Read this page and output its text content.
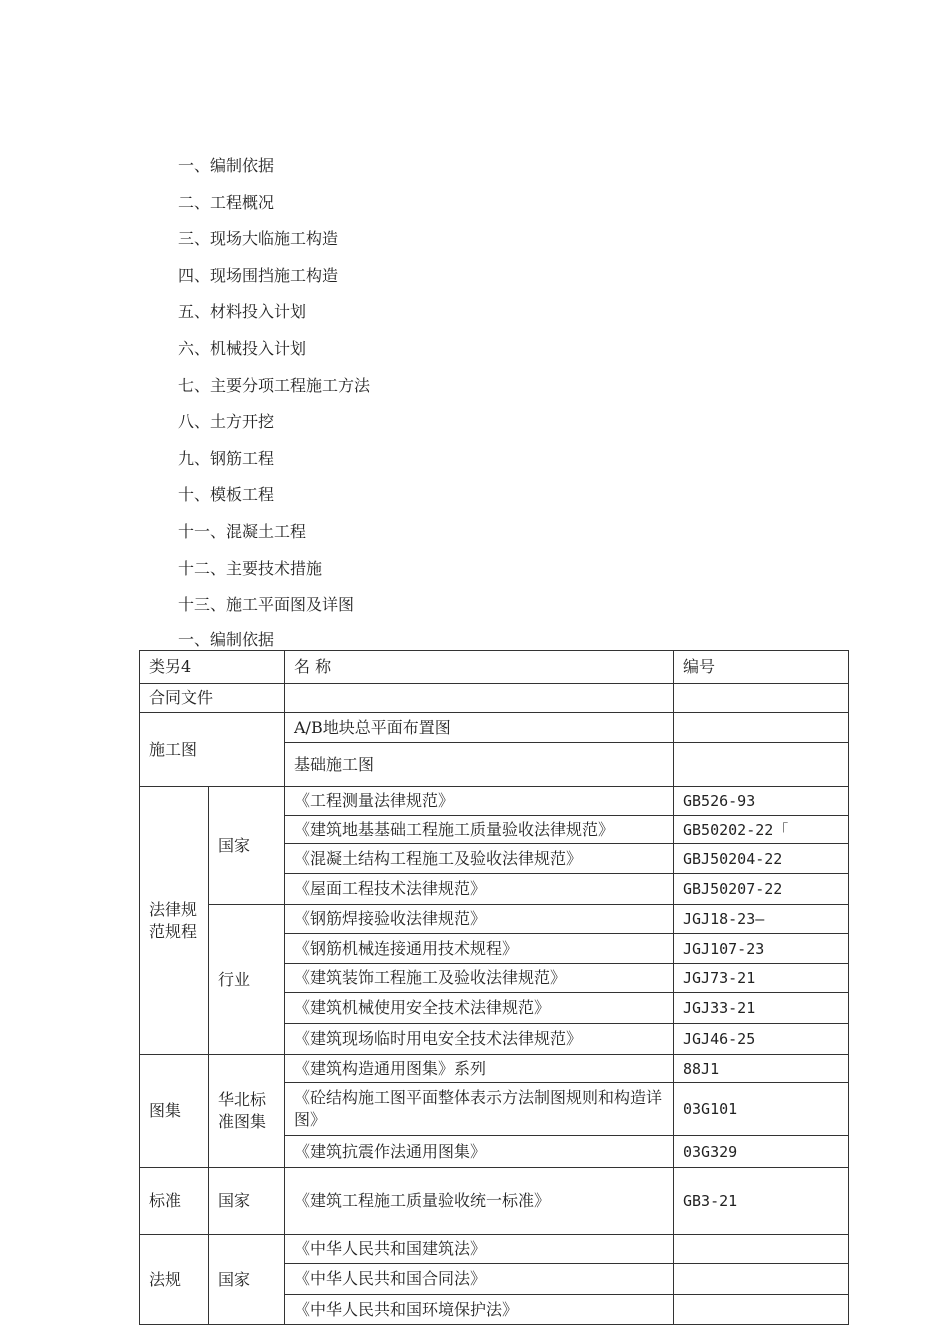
一、编制依据
二、工程概况
三、现场大临施工构造
四、现场围挡施工构造
五、材料投入计划
六、机械投入计划
七、主要分项工程施工方法
八、土方开挖
九、钢筋工程
十、模板工程
十一、混凝土工程
十二、主要技术措施
十三、施工平面图及详图
一、编制依据
类另4		名 称	编号
合同文件			
施工图		A/B地块总平面布置图	
		基础施工图	
法律规范规程	国家	《工程测量法律规范》	GB526-93
		《建筑地基基础工程施工质量验收法律规范》	GB50202-22「
		《混凝土结构工程施工及验收法律规范》	GBJ50204-22
		《屋面工程技术法律规范》	GBJ50207-22
	行业	《钢筋焊接验收法律规范》	JGJ18-23—
		《钢筋机械连接通用技术规程》	JGJ107-23
		《建筑装饰工程施工及验收法律规范》	JGJ73-21
		《建筑机械使用安全技术法律规范》	JGJ33-21
		《建筑现场临时用电安全技术法律规范》	JGJ46-25
图集	华北标准图集	《建筑构造通用图集》系列	88J1
		《砼结构施工图平面整体表示方法制图规则和构造详图》	03G101
		《建筑抗震作法通用图集》	03G329
标准	国家	《建筑工程施工质量验收统一标准》	GB3-21
法规	国家	《中华人民共和国建筑法》	
		《中华人民共和国合同法》	
		《中华人民共和国环境保护法》	
